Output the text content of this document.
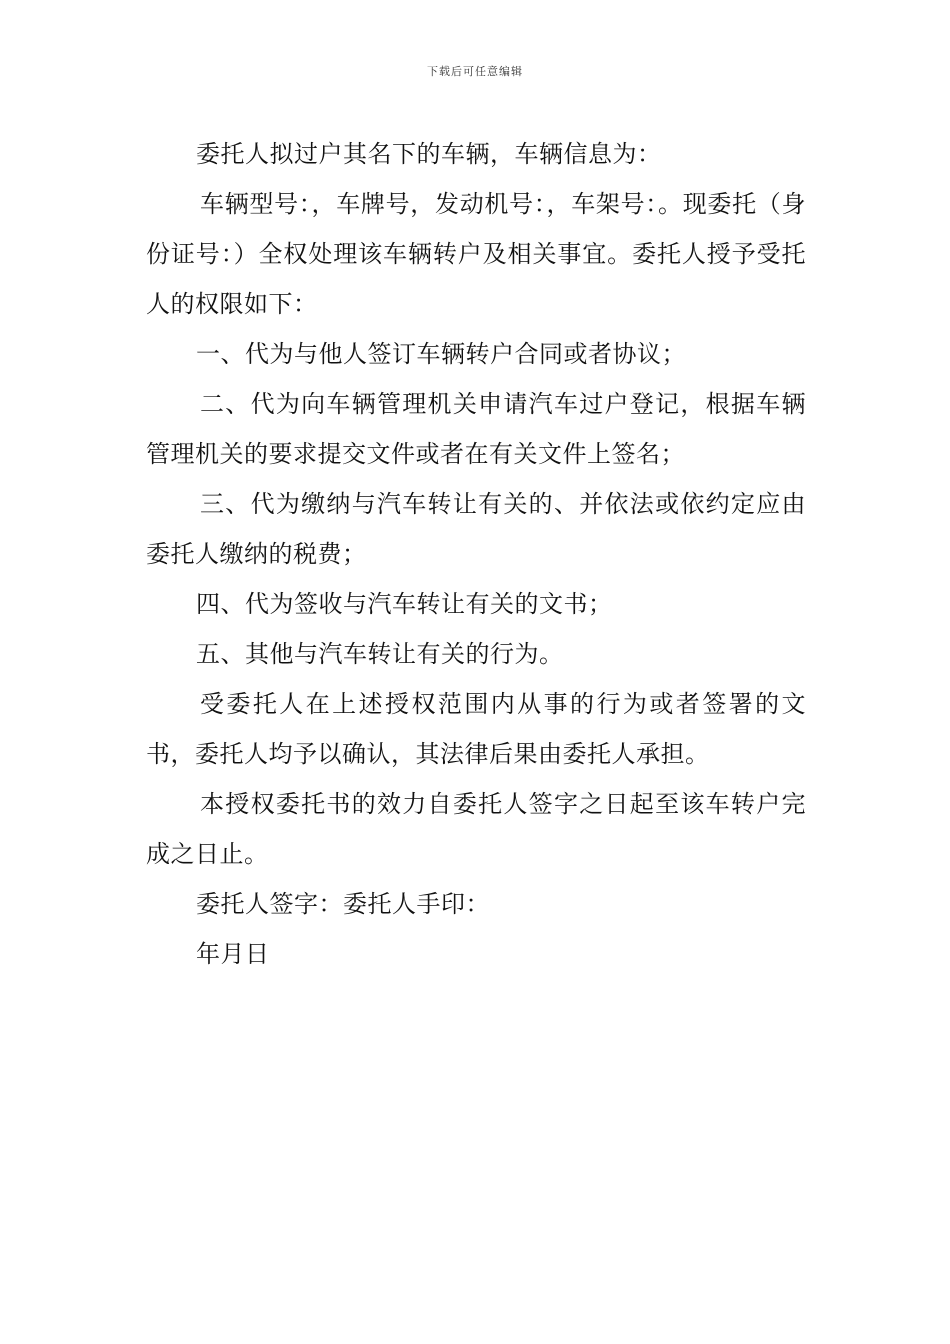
下载后可任意编辑

委托人拟过户其名下的车辆，车辆信息为：

车辆型号：，车牌号，发动机号：，车架号：。现委托（身份证号：）全权处理该车辆转户及相关事宜。委托人授予受托人的权限如下：

一、代为与他人签订车辆转户合同或者协议；

二、代为向车辆管理机关申请汽车过户登记，根据车辆管理机关的要求提交文件或者在有关文件上签名；

三、代为缴纳与汽车转让有关的、并依法或依约定应由委托人缴纳的税费；

四、代为签收与汽车转让有关的文书；

五、其他与汽车转让有关的行为。

受委托人在上述授权范围内从事的行为或者签署的文书，委托人均予以确认，其法律后果由委托人承担。

本授权委托书的效力自委托人签字之日起至该车转户完成之日止。

委托人签字：委托人手印：

年月日
